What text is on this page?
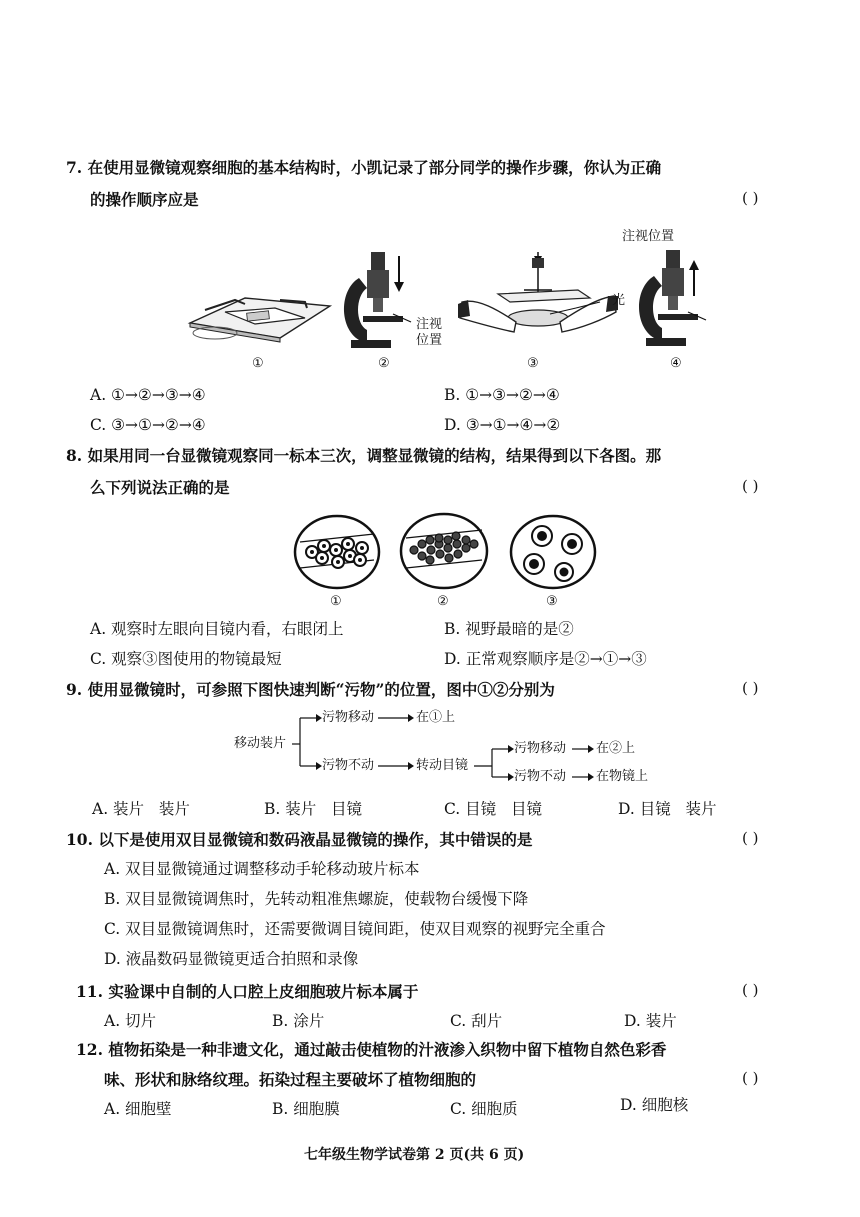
7. 在使用显微镜观察细胞的基本结构时，小凯记录了部分同学的操作步骤，你认为正确
的操作顺序应是	( )
①
注视
位置
②
光
③
注视位置
④
A. ①→②→③→④	B. ①→③→②→④
C. ③→①→②→④	D. ③→①→④→②
8. 如果用同一台显微镜观察同一标本三次，调整显微镜的结构，结果得到以下各图。那
么下列说法正确的是	( )
①	②	③
A. 观察时左眼向目镜内看，右眼闭上	B. 视野最暗的是②
C. 观察③图使用的物镜最短	D. 正常观察顺序是②→①→③
9. 使用显微镜时，可参照下图快速判断“污物”的位置，图中①②分别为	( )
移动装片
污物移动	在①上
污物不动	转动目镜
污物移动 在②上
污物不动 在物镜上
A. 装片   装片	B. 装片   目镜	C. 目镜   目镜	D. 目镜   装片
10. 以下是使用双目显微镜和数码液晶显微镜的操作，其中错误的是	( )
A. 双目显微镜通过调整移动手轮移动玻片标本
B. 双目显微镜调焦时，先转动粗准焦螺旋，使载物台缓慢下降
C. 双目显微镜调焦时，还需要微调目镜间距，使双目观察的视野完全重合
D. 液晶数码显微镜更适合拍照和录像
11. 实验课中自制的人口腔上皮细胞玻片标本属于	( )
A. 切片	B. 涂片	C. 刮片	D. 装片
12. 植物拓染是一种非遗文化，通过敲击使植物的汁液渗入织物中留下植物自然色彩香
味、形状和脉络纹理。拓染过程主要破坏了植物细胞的	( )
A. 细胞壁	B. 细胞膜	C. 细胞质	D. 细胞核
七年级生物学试卷第 2 页(共 6 页)
